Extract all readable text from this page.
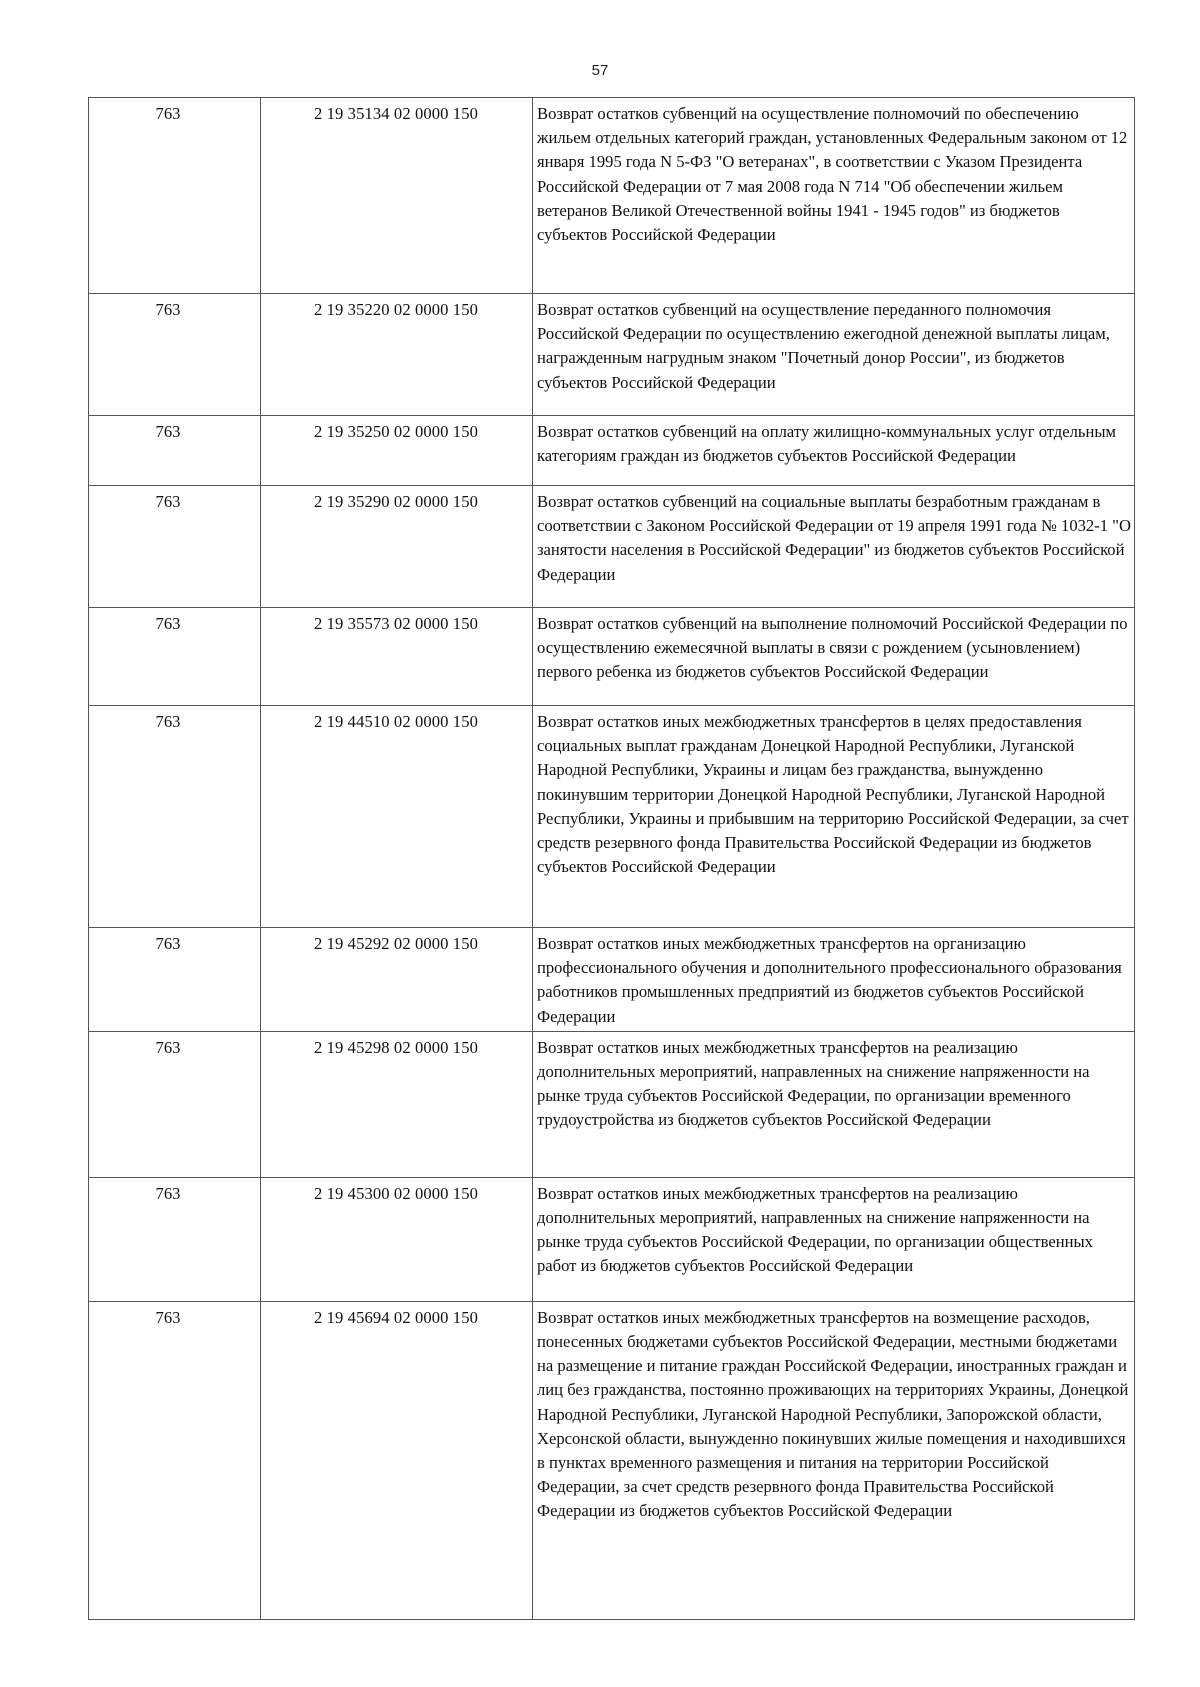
57
763	2 19 35134 02 0000 150	Возврат остатков субвенций на осуществление полномочий по обеспечению жильем отдельных категорий граждан, установленных Федеральным законом от 12 января 1995 года N 5-ФЗ "О ветеранах", в соответствии с Указом Президента Российской Федерации от 7 мая 2008 года N 714 "Об обеспечении жильем ветеранов Великой Отечественной войны 1941 - 1945 годов" из бюджетов субъектов Российской Федерации
763	2 19 35220 02 0000 150	Возврат остатков субвенций на осуществление переданного полномочия Российской Федерации по осуществлению ежегодной денежной выплаты лицам, награжденным нагрудным знаком "Почетный донор России", из бюджетов субъектов Российской Федерации
763	2 19 35250 02 0000 150	Возврат остатков субвенций на оплату жилищно-коммунальных услуг отдельным категориям граждан из бюджетов субъектов Российской Федерации
763	2 19 35290 02 0000 150	Возврат остатков субвенций на социальные выплаты безработным гражданам в соответствии с Законом Российской Федерации от 19 апреля 1991 года № 1032-1 "О занятости населения в Российской Федерации" из бюджетов субъектов Российской Федерации
763	2 19 35573 02 0000 150	Возврат остатков субвенций на выполнение полномочий Российской Федерации по осуществлению ежемесячной выплаты в связи с рождением (усыновлением) первого ребенка из бюджетов субъектов Российской Федерации
763	2 19 44510 02 0000 150	Возврат остатков иных межбюджетных трансфертов в целях предоставления социальных выплат гражданам Донецкой Народной Республики, Луганской Народной Республики, Украины и лицам без гражданства, вынужденно покинувшим территории Донецкой Народной Республики, Луганской Народной Республики, Украины и прибывшим на территорию Российской Федерации, за счет средств резервного фонда Правительства Российской Федерации из бюджетов субъектов Российской Федерации
763	2 19 45292 02 0000 150	Возврат остатков иных межбюджетных трансфертов на организацию профессионального обучения и дополнительного профессионального образования работников промышленных предприятий из бюджетов субъектов Российской Федерации
763	2 19 45298 02 0000 150	Возврат остатков иных межбюджетных трансфертов на реализацию дополнительных мероприятий, направленных на снижение напряженности на рынке труда субъектов Российской Федерации, по организации временного трудоустройства из бюджетов субъектов Российской Федерации
763	2 19 45300 02 0000 150	Возврат остатков иных межбюджетных трансфертов на реализацию дополнительных мероприятий, направленных на снижение напряженности на рынке труда субъектов Российской Федерации, по организации общественных работ из бюджетов субъектов Российской Федерации
763	2 19 45694 02 0000 150	Возврат остатков иных межбюджетных трансфертов на возмещение расходов, понесенных бюджетами субъектов Российской Федерации, местными бюджетами на размещение и питание граждан Российской Федерации, иностранных граждан и лиц без гражданства, постоянно проживающих на территориях Украины, Донецкой Народной Республики, Луганской Народной Республики, Запорожской области, Херсонской области, вынужденно покинувших жилые помещения и находившихся в пунктах временного размещения и питания на территории Российской Федерации, за счет средств резервного фонда Правительства Российской Федерации из бюджетов субъектов Российской Федерации
